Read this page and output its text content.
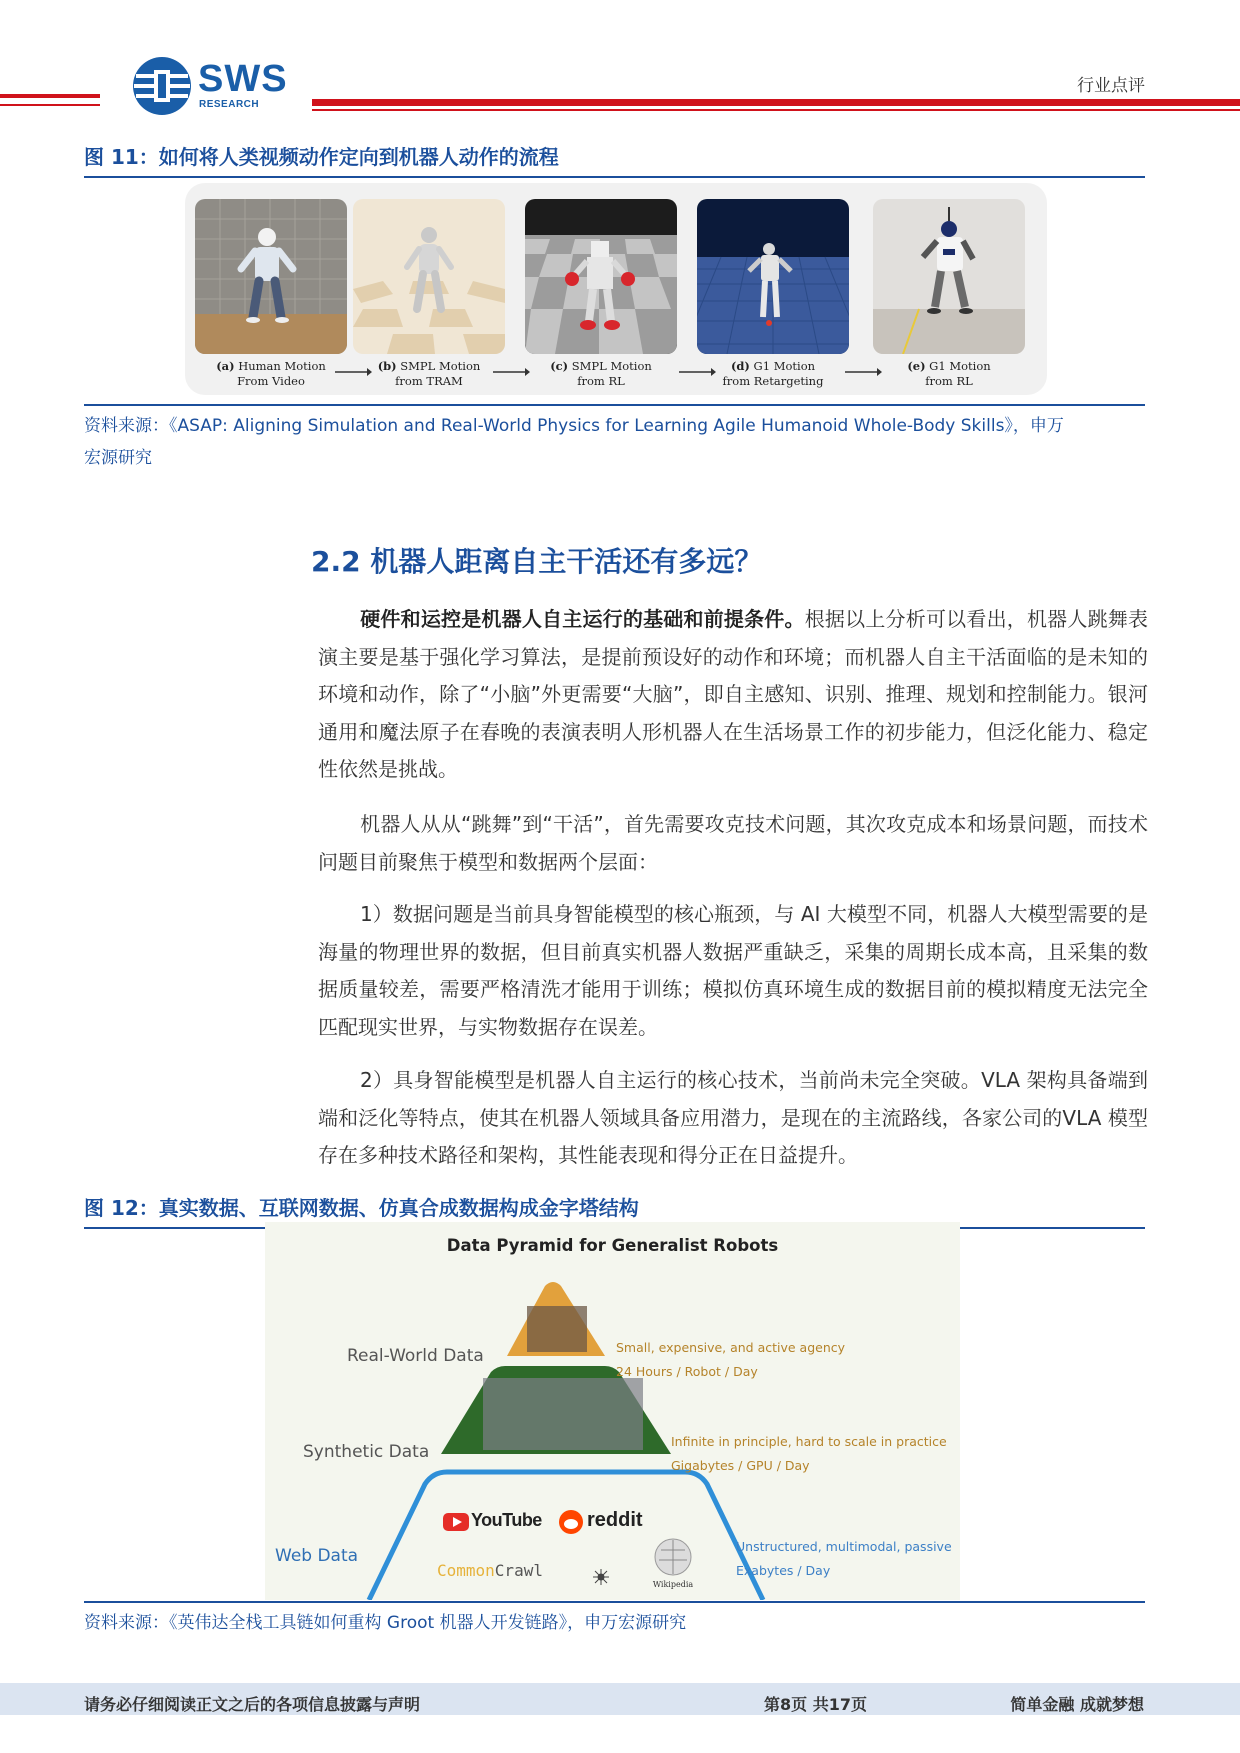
SWS
RESEARCH
行业点评
图 11：如何将人类视频动作定向到机器人动作的流程
(a) Human Motion
From Video
(b) SMPL Motion
from TRAM
(c) SMPL Motion
from RL
(d) G1 Motion
from Retargeting
(e) G1 Motion
from RL
资料来源：《ASAP: Aligning Simulation and Real-World Physics for Learning Agile Humanoid Whole-Body Skills》，申万
宏源研究
2.2 机器人距离自主干活还有多远？
硬件和运控是机器人自主运行的基础和前提条件。根据以上分析可以看出，机器人跳舞表演主要是基于强化学习算法，是提前预设好的动作和环境；而机器人自主干活面临的是未知的环境和动作，除了“小脑”外更需要“大脑”，即自主感知、识别、推理、规划和控制能力。银河通用和魔法原子在春晚的表演表明人形机器人在生活场景工作的初步能力，但泛化能力、稳定性依然是挑战。
机器人从从“跳舞”到“干活”，首先需要攻克技术问题，其次攻克成本和场景问题，而技术问题目前聚焦于模型和数据两个层面：
1）数据问题是当前具身智能模型的核心瓶颈，与 AI 大模型不同，机器人大模型需要的是海量的物理世界的数据，但目前真实机器人数据严重缺乏，采集的周期长成本高，且采集的数据质量较差，需要严格清洗才能用于训练；模拟仿真环境生成的数据目前的模拟精度无法完全匹配现实世界，与实物数据存在误差。
2）具身智能模型是机器人自主运行的核心技术，当前尚未完全突破。VLA 架构具备端到端和泛化等特点，使其在机器人领域具备应用潜力，是现在的主流路线，各家公司的VLA 模型存在多种技术路径和架构，其性能表现和得分正在日益提升。
图 12：真实数据、互联网数据、仿真合成数据构成金字塔结构
Data Pyramid for Generalist Robots
Real-World Data	Small, expensive, and active agency
24 Hours / Robot / Day
Synthetic Data
Infinite in principle, hard to scale in practice
Gigabytes / GPU / Day
Web Data	Unstructured, multimodal, passive
Exabytes / Day
YouTube reddit
CommonCrawl
Wikipedia
资料来源：《英伟达全栈工具链如何重构 Groot 机器人开发链路》，申万宏源研究
请务必仔细阅读正文之后的各项信息披露与声明	第8页 共17页	简单金融 成就梦想
